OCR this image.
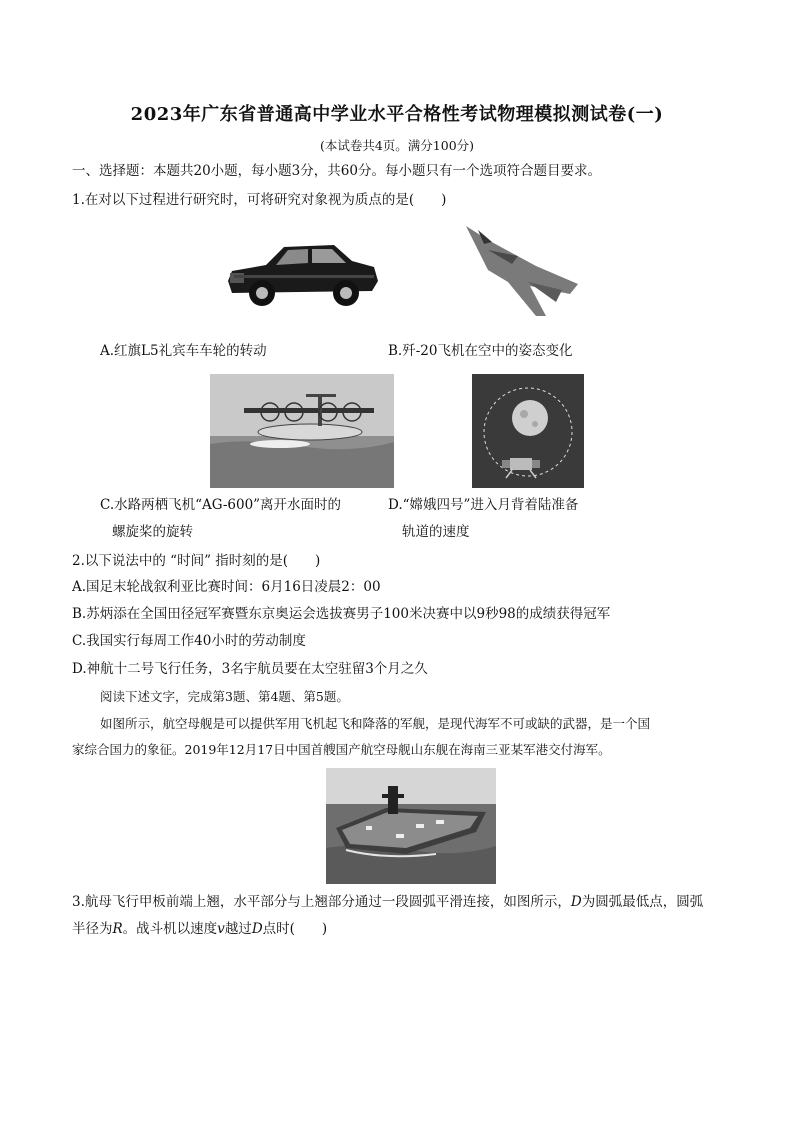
2023年广东省普通高中学业水平合格性考试物理模拟测试卷(一)
(本试卷共4页。满分100分)
一、选择题：本题共20小题，每小题3分，共60分。每小题只有一个选项符合题目要求。
1.在对以下过程进行研究时，可将研究对象视为质点的是(　　)
A.红旗L5礼宾车车轮的转动	B.歼-20飞机在空中的姿态变化
C.水路两栖飞机“AG-600”离开水面时的
螺旋桨的旋转
D.“嫦娥四号”进入月背着陆准备
轨道的速度
2.以下说法中的 “时间” 指时刻的是(　　)
A.国足末轮战叙利亚比赛时间：6月16日凌晨2：00
B.苏炳添在全国田径冠军赛暨东京奥运会选拔赛男子100米决赛中以9秒98的成绩获得冠军
C.我国实行每周工作40小时的劳动制度
D.神航十二号飞行任务，3名宇航员要在太空驻留3个月之久
阅读下述文字，完成第3题、第4题、第5题。
如图所示，航空母舰是可以提供军用飞机起飞和降落的军舰，是现代海军不可或缺的武器，是一个国
家综合国力的象征。2019年12月17日中国首艘国产航空母舰山东舰在海南三亚某军港交付海军。
3.航母飞行甲板前端上翘，水平部分与上翘部分通过一段圆弧平滑连接，如图所示，D为圆弧最低点，圆弧
半径为R。战斗机以速度v越过D点时(　　)
